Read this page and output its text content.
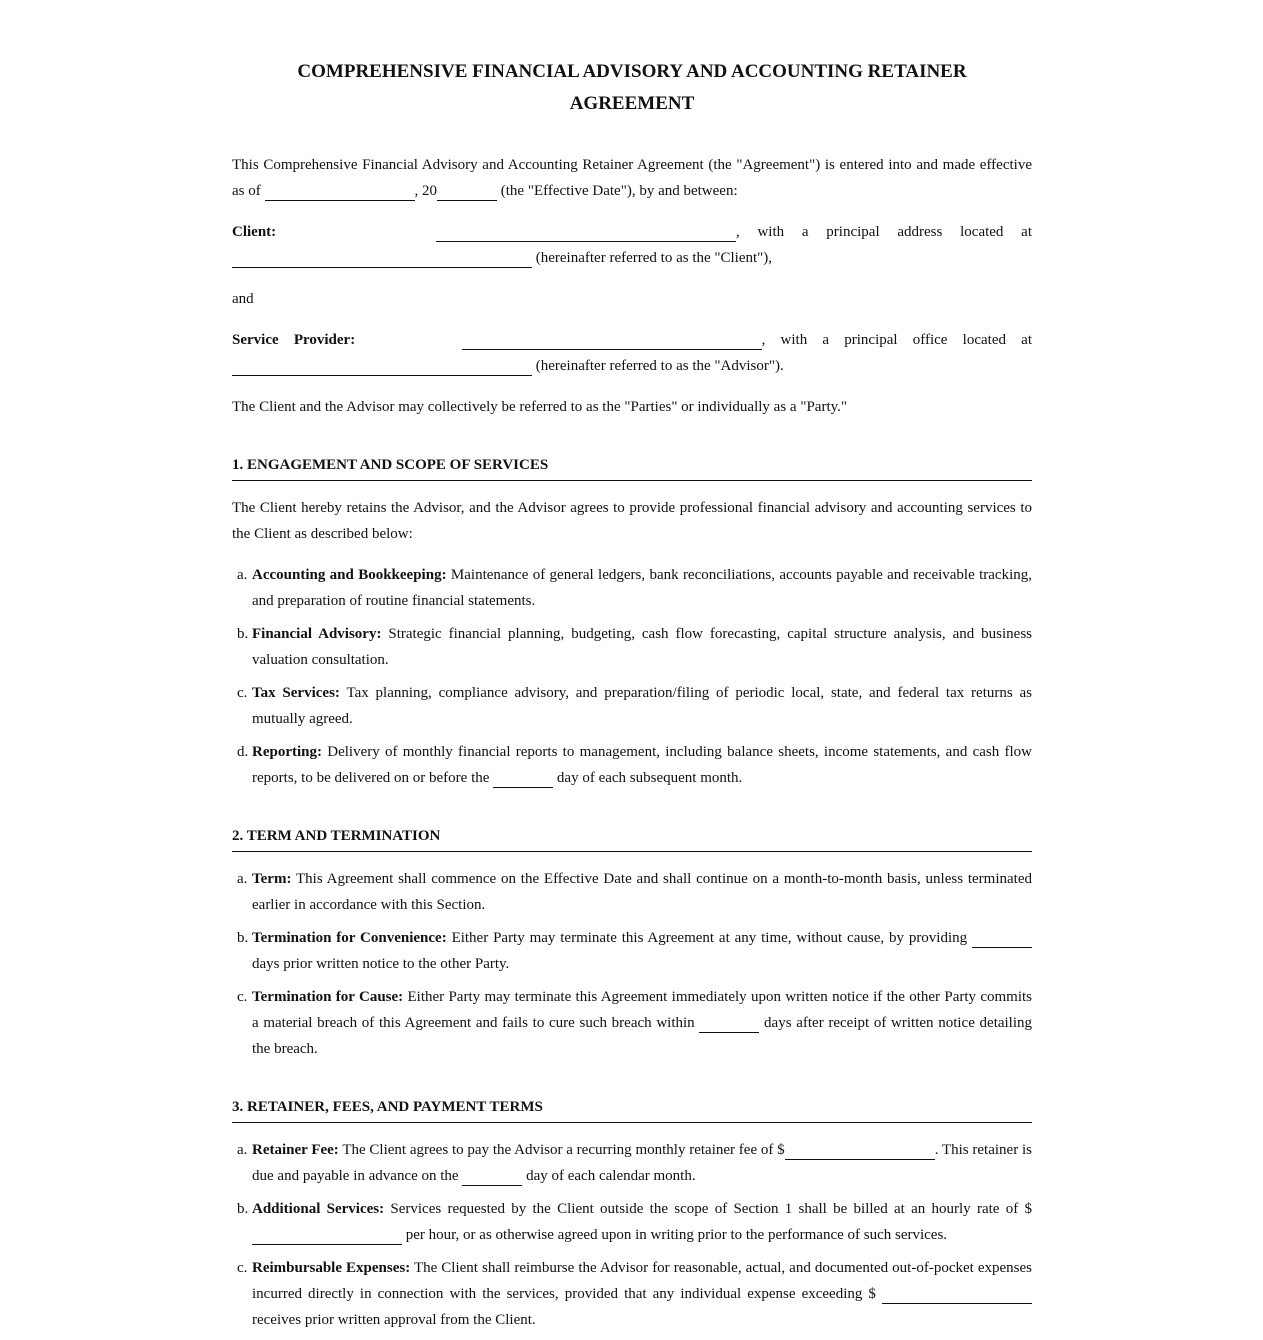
COMPREHENSIVE FINANCIAL ADVISORY AND ACCOUNTING RETAINER AGREEMENT

This Comprehensive Financial Advisory and Accounting Retainer Agreement (the "Agreement") is entered into and made effective as of	, 20	(the "Effective Date"), by and between:

Client:	, with a principal address located at  (hereinafter referred to as the "Client"),

and

Service Provider:	, with a principal office located at  (hereinafter referred to as the "Advisor").

The Client and the Advisor may collectively be referred to as the "Parties" or individually as a "Party."

1. ENGAGEMENT AND SCOPE OF SERVICES

The Client hereby retains the Advisor, and the Advisor agrees to provide professional financial advisory and accounting services to the Client as described below:

a. Accounting and Bookkeeping: Maintenance of general ledgers, bank reconciliations, accounts payable and receivable tracking, and preparation of routine financial statements.
b. Financial Advisory: Strategic financial planning, budgeting, cash flow forecasting, capital structure analysis, and business valuation consultation.
c. Tax Services: Tax planning, compliance advisory, and preparation/filing of periodic local, state, and federal tax returns as mutually agreed.
d. Reporting: Delivery of monthly financial reports to management, including balance sheets, income statements, and cash flow reports, to be delivered on or before the	day of each subsequent month.
2. TERM AND TERMINATION
a. Term: This Agreement shall commence on the Effective Date and shall continue on a month-to-month basis, unless terminated earlier in accordance with this Section.
b. Termination for Convenience: Either Party may terminate this Agreement at any time, without cause, by providing  days prior written notice to the other Party.
c. Termination for Cause: Either Party may terminate this Agreement immediately upon written notice if the other Party commits a material breach of this Agreement and fails to cure such breach within	days after receipt of written notice detailing the breach.
3. RETAINER, FEES, AND PAYMENT TERMS
a. Retainer Fee: The Client agrees to pay the Advisor a recurring monthly retainer fee of $	. This retainer is due and payable in advance on the	day of each calendar month.
b. Additional Services: Services requested by the Client outside the scope of Section 1 shall be billed at an hourly rate of $  per hour, or as otherwise agreed upon in writing prior to the performance of such services.
c. Reimbursable Expenses: The Client shall reimburse the Advisor for reasonable, actual, and documented out-of-pocket expenses incurred directly in connection with the services, provided that any individual expense exceeding $  receives prior written approval from the Client.
